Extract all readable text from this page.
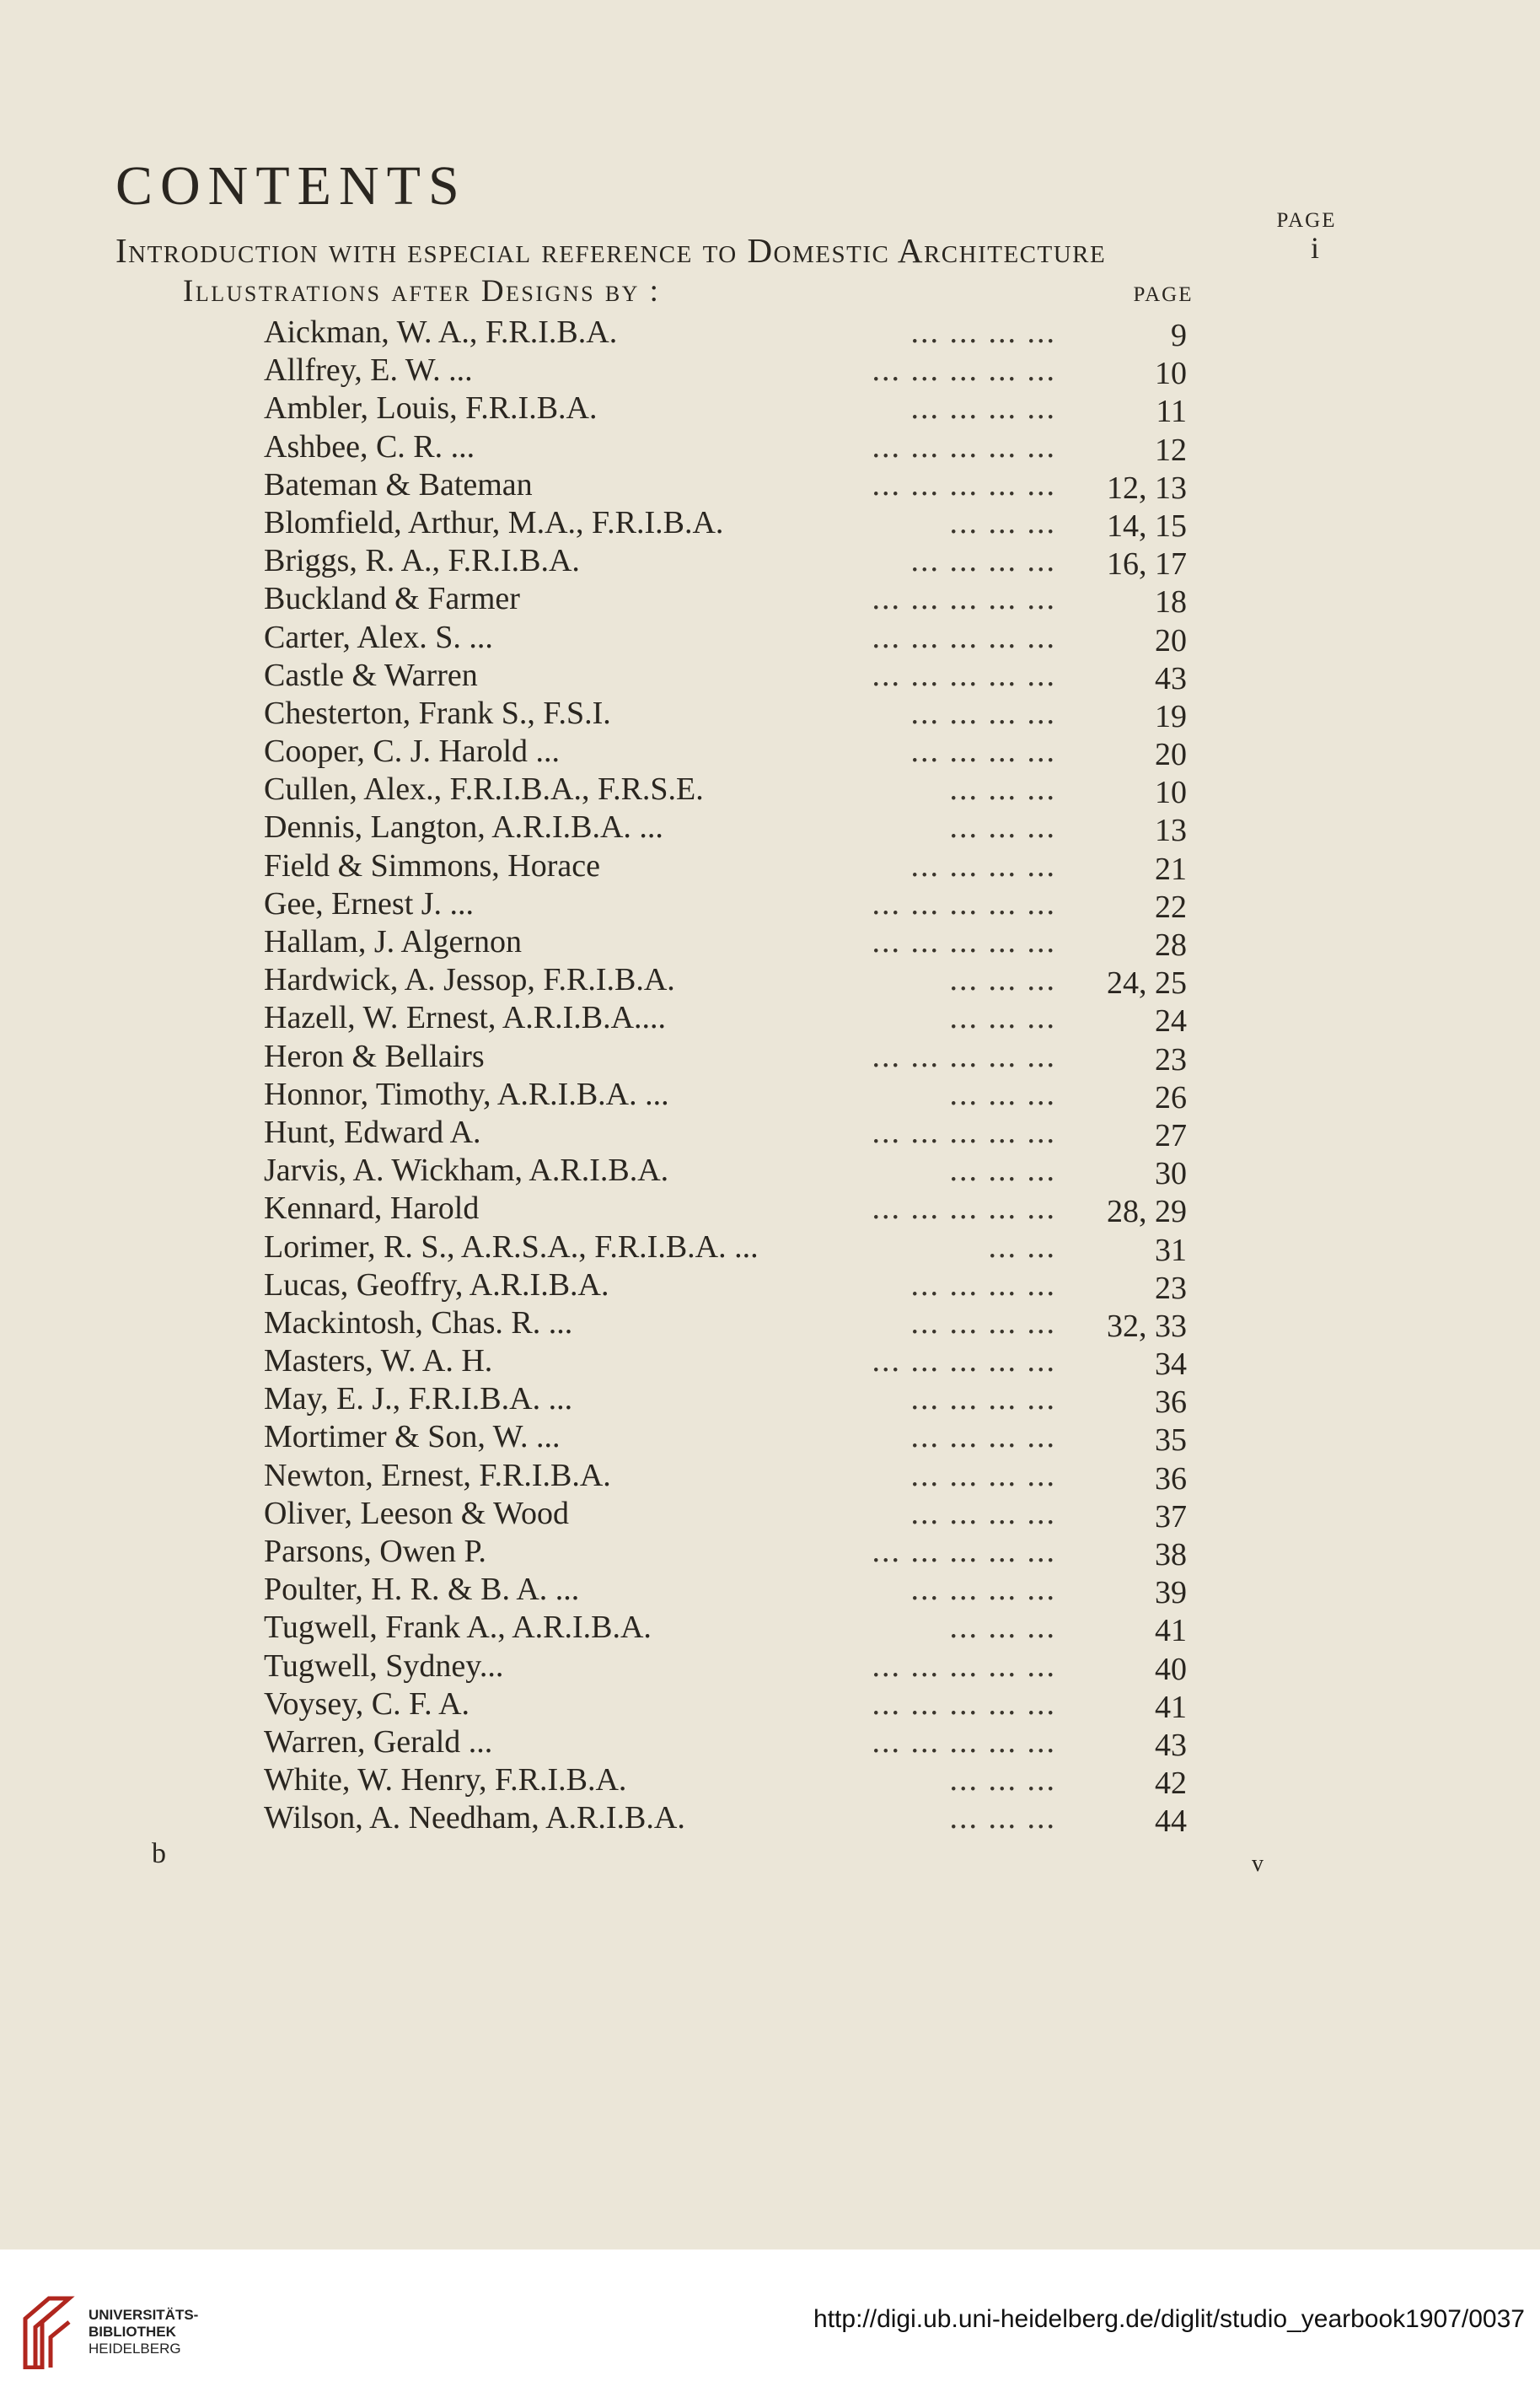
CONTENTS
PAGE
Introduction with especial reference to Domestic Architecture	i
Illustrations after Designs by :	PAGE
Aickman, W. A., F.R.I.B.A.	... ... ... ...	9
Allfrey, E. W. ...	... ... ... ... ...	10
Ambler, Louis, F.R.I.B.A.	... ... ... ...	11
Ashbee, C. R. ...	... ... ... ... ...	12
Bateman & Bateman	... ... ... ... ... 12, 13
Blomfield, Arthur, M.A., F.R.I.B.A.	... ... ... 14, 15
Briggs, R. A., F.R.I.B.A.	... ... ... ... 16, 17
Buckland & Farmer	... ... ... ... ...	18
Carter, Alex. S. ...	... ... ... ... ...	20
Castle & Warren	... ... ... ... ...	43
Chesterton, Frank S., F.S.I.	... ... ... ...	19
Cooper, C. J. Harold ...	... ... ... ...	20
Cullen, Alex., F.R.I.B.A., F.R.S.E.	... ... ...	10
Dennis, Langton, A.R.I.B.A. ...	... ... ...	13
Field & Simmons, Horace	... ... ... ...	21
Gee, Ernest J. ...	... ... ... ... ...	22
Hallam, J. Algernon	... ... ... ... ...	28
Hardwick, A. Jessop, F.R.I.B.A.	... ... ... 24, 25
Hazell, W. Ernest, A.R.I.B.A....	... ... ...	24
Heron & Bellairs	... ... ... ... ...	23
Honnor, Timothy, A.R.I.B.A. ...	... ... ...	26
Hunt, Edward A.	... ... ... ... ...	27
Jarvis, A. Wickham, A.R.I.B.A.	... ... ...	30
Kennard, Harold	... ... ... ... ... 28, 29
Lorimer, R. S., A.R.S.A., F.R.I.B.A. ...	... ...	31
Lucas, Geoffry, A.R.I.B.A.	... ... ... ...	23
Mackintosh, Chas. R. ...	... ... ... ... 32, 33
Masters, W. A. H.	... ... ... ... ...	34
May, E. J., F.R.I.B.A. ...	... ... ... ...	36
Mortimer & Son, W. ...	... ... ... ...	35
Newton, Ernest, F.R.I.B.A.	... ... ... ...	36
Oliver, Leeson & Wood	... ... ... ...	37
Parsons, Owen P.	... ... ... ... ...	38
Poulter, H. R. & B. A. ...	... ... ... ...	39
Tugwell, Frank A., A.R.I.B.A.	... ... ...	41
Tugwell, Sydney...	... ... ... ... ...	40
Voysey, C. F. A.	... ... ... ... ...	41
Warren, Gerald ...	... ... ... ... ...	43
White, W. Henry, F.R.I.B.A.	... ... ...	42
Wilson, A. Needham, A.R.I.B.A.	... ... ...	44
b	v
UNIVERSITÄTS-
BIBLIOTHEK
HEIDELBERG
http://digi.ub.uni-heidelberg.de/diglit/studio_yearbook1907/0037
